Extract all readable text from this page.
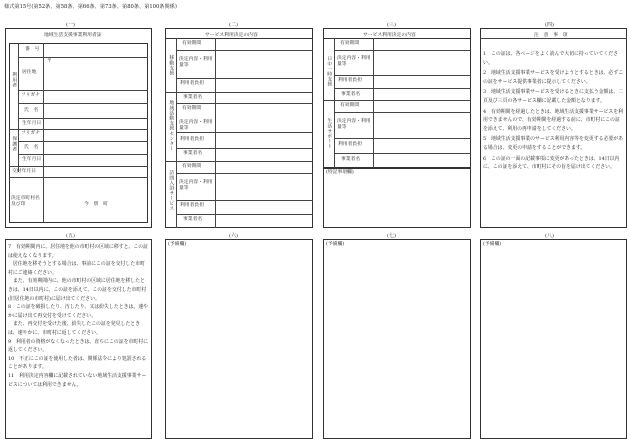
様式第15号(第52条、第58条、第66条、第73条、第80条、第100条関係)
(一)	(二)	(三)	(四)
(五)	(六)	(七)	(八)
地域生活支援事業利用者証
利用者
番　号
居住地
〒
フリガナ
氏　名
生年月日
保護者
フリガナ
氏　名
生年月日
交付年月日
決定市町村名及び印	今　別　町
サービス利用決定の内容
移動支援
地域活動支援センター
訪問入浴サービス
有効期間
決定内容・利用量等
利用者負担
事業者名
有効期間
決定内容・利用量等
利用者負担
事業者名
有効期間
決定内容・利用量等
利用者負担
事業者名
サービス利用決定の内容
日中一時支援
生活サポート
有効期間
決定内容・利用量等
利用者負担
事業者名
有効期間
決定内容・利用量等
利用者負担
事業者名
(特記事項欄)
注　意　事　項
1　この証は、各ページをよく読んで大切に持っていてください。
2　地域生活支援事業サービスを受けようとするときは、必ずこの証をサービス提供事業者に提示してください。
3　地域生活支援事業サービスを受けるときに支払う金額は、二頁及び三頁の各サービス欄に記載した金額となります。
4　有効期間を経過したときは、地域生活支援事業サービスを利用できませんので、有効期間を経過する前に、市町村にこの証を添えて、利用の再申請をしてください。
5　地域生活支援事業のサービス利用内容等を変更する必要がある場合は、変更の申請をすることができます。
6　この証の一面の記載事項に変更があったときは、14日以内に、この証を添えて、市町村にその旨を届け出てください。
7　有効期間内に、居住地を他の市町村の区域に移すと、この証は使えなくなります。
　居住地を移そうとする場合は、事前にこの証を交付した市町村にご連絡ください。
　また、有効期間内に、他の市町村の区域に居住地を移したときは、14日以内に、この証を添えて、この証を交付した市町村(旧居住地の市町村)に届け出てください。
8　この証を破損したり、汚したり、又は紛失したときは、速やかに届け出て再交付を受けてください。
　また、再交付を受けた後、紛失したこの証を発見したときは、速やかに、市町村に返してください。
9　利用者の資格がなくなったときは、直ちにこの証を市町村に返してください。
10　不正にこの証を使用した者は、関係法令により処罰されることがあります。
11　利用決定内容欄に記載されていない地域生活支援事業サービスについては利用できません。
(予備欄)	(予備欄)	(予備欄)
